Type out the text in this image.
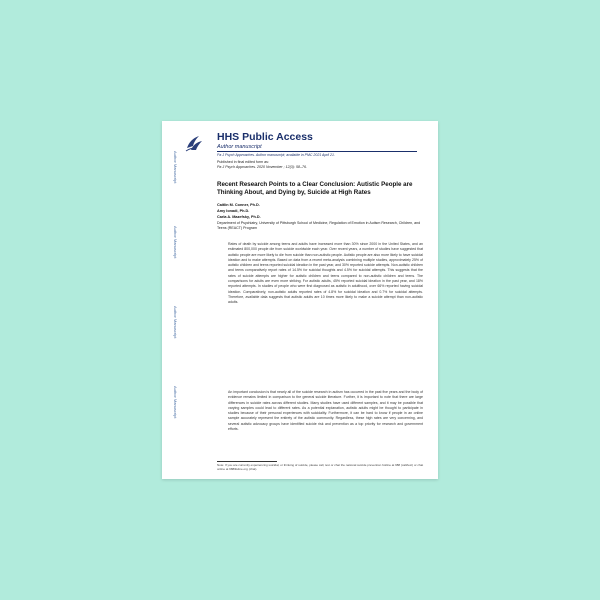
HHS Public Access
Author manuscript
Pa J Psych Approaches. Author manuscript; available in PMC 2021 April 21.
Published in final edited form as:
Pa J Psych Approaches. 2020 November ; 12(3): 58–76.
Author Manuscript
Author Manuscript
Author Manuscript
Author Manuscript
Recent Research Points to a Clear Conclusion: Autistic People are Thinking About, and Dying by, Suicide at High Rates
Caitlin M. Conner, Ph.D.
Amy Ionadi, Ph.D.
Carla A. Mazefsky, Ph.D.
Department of Psychiatry, University of Pittsburgh School of Medicine, Regulation of Emotion in Autism Research, Children, and Teens (REACT) Program
Rates of death by suicide among teens and adults have increased more than 30% since 2000 in the United States, and an estimated 800,000 people die from suicide worldwide each year. Over recent years, a number of studies have suggested that autistic people are more likely to die from suicide than non-autistic people. Autistic people are also more likely to have suicidal ideation and to make attempts. Based on data from a recent meta-analysis combining multiple studies, approximately 25% of autistic children and teens reported suicidal ideation in the past year, and 30% reported suicide attempts. Non-autistic children and teens comparatively report rates of 14.5% for suicidal thoughts and 4.5% for suicidal attempts. This suggests that the rates of suicide attempts are higher for autistic children and teens compared to non-autistic children and teens. The comparisons for adults are even more striking. For autistic adults, 45% reported suicidal ideation in the past year, and 18% reported attempts. In studies of people who were first diagnosed as autistic in adulthood, over 66% reported having suicidal ideation. Comparatively, non-autistic adults reported rates of 4.8% for suicidal ideation and 0.7% for suicidal attempts. Therefore, available data suggests that autistic adults are 10 times more likely to make a suicide attempt than non-autistic adults.
An important conclusion is that nearly all of the suicide research in autism has occurred in the past five years and the body of evidence remains limited in comparison to the general suicide literature. Further, it is important to note that there are large differences in suicide rates across different studies. Many studies have used different samples, and it may be possible that varying samples could lead to different rates. As a potential explanation, autistic adults might be thought to participate in studies because of their personal experiences with suicidality. Furthermore, it can be hard to know if people in an online sample accurately represent the entirety of the autistic community. Regardless, these high rates are very concerning, and several autistic advocacy groups have identified suicide risk and prevention as a top priority for research and government efforts.
Note: If you are currently experiencing suicidal, or thinking of suicide, please call, text or chat the national suicide prevention hotline at 988 (call/text) or chat online at 988lifeline.org (chat).
